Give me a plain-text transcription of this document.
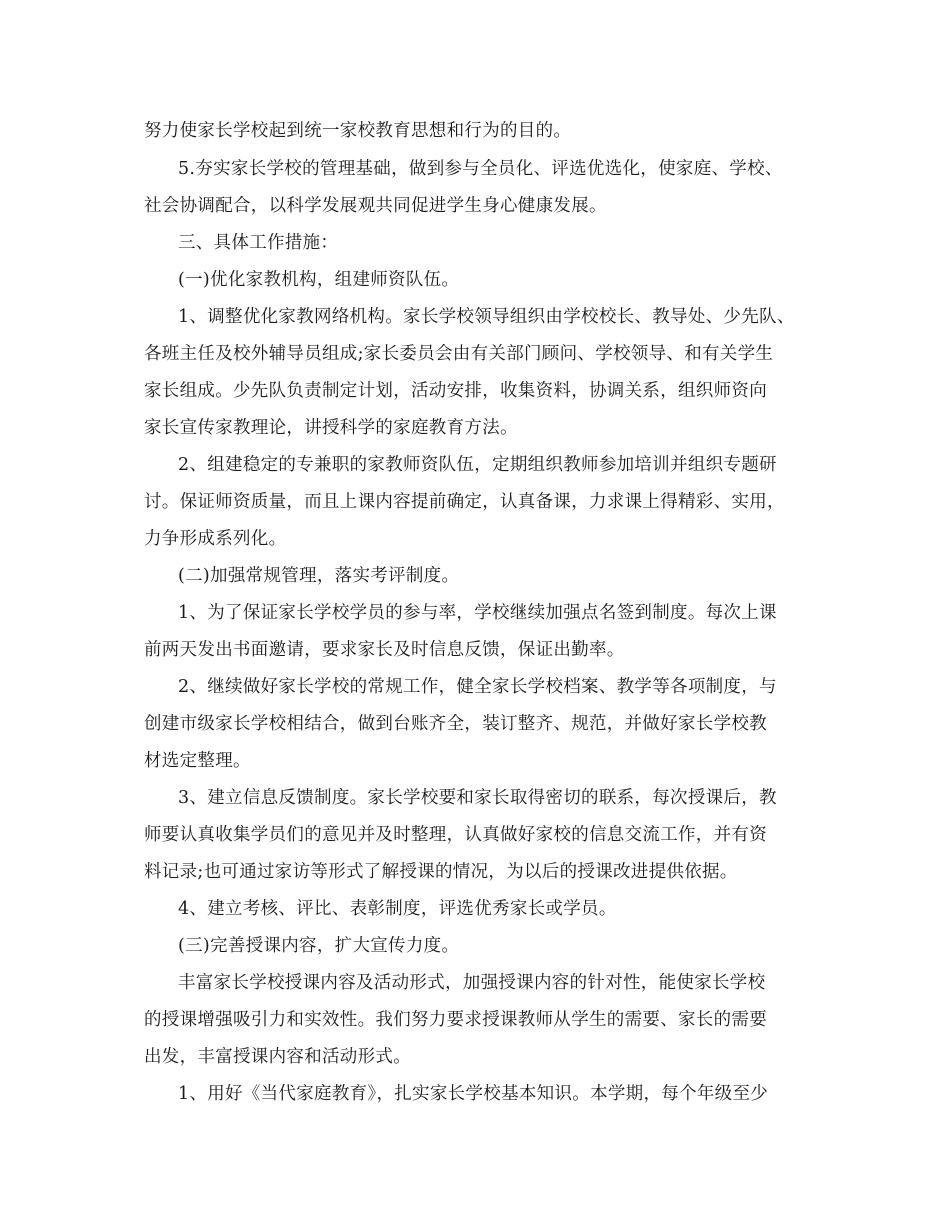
努力使家长学校起到统一家校教育思想和行为的目的。
5.夯实家长学校的管理基础，做到参与全员化、评选优选化，使家庭、学校、
社会协调配合，以科学发展观共同促进学生身心健康发展。
三、具体工作措施：
(一)优化家教机构，组建师资队伍。
1、调整优化家教网络机构。家长学校领导组织由学校校长、教导处、少先队、
各班主任及校外辅导员组成;家长委员会由有关部门顾问、学校领导、和有关学生
家长组成。少先队负责制定计划，活动安排，收集资料，协调关系，组织师资向
家长宣传家教理论，讲授科学的家庭教育方法。
2、组建稳定的专兼职的家教师资队伍，定期组织教师参加培训并组织专题研
讨。保证师资质量，而且上课内容提前确定，认真备课，力求课上得精彩、实用，
力争形成系列化。
(二)加强常规管理，落实考评制度。
1、为了保证家长学校学员的参与率，学校继续加强点名签到制度。每次上课
前两天发出书面邀请，要求家长及时信息反馈，保证出勤率。
2、继续做好家长学校的常规工作，健全家长学校档案、教学等各项制度，与
创建市级家长学校相结合，做到台账齐全，装订整齐、规范，并做好家长学校教
材选定整理。
3、建立信息反馈制度。家长学校要和家长取得密切的联系，每次授课后，教
师要认真收集学员们的意见并及时整理，认真做好家校的信息交流工作，并有资
料记录;也可通过家访等形式了解授课的情况，为以后的授课改进提供依据。
4、建立考核、评比、表彰制度，评选优秀家长或学员。
(三)完善授课内容，扩大宣传力度。
丰富家长学校授课内容及活动形式，加强授课内容的针对性，能使家长学校
的授课增强吸引力和实效性。我们努力要求授课教师从学生的需要、家长的需要
出发，丰富授课内容和活动形式。
1、用好《当代家庭教育》，扎实家长学校基本知识。本学期，每个年级至少
